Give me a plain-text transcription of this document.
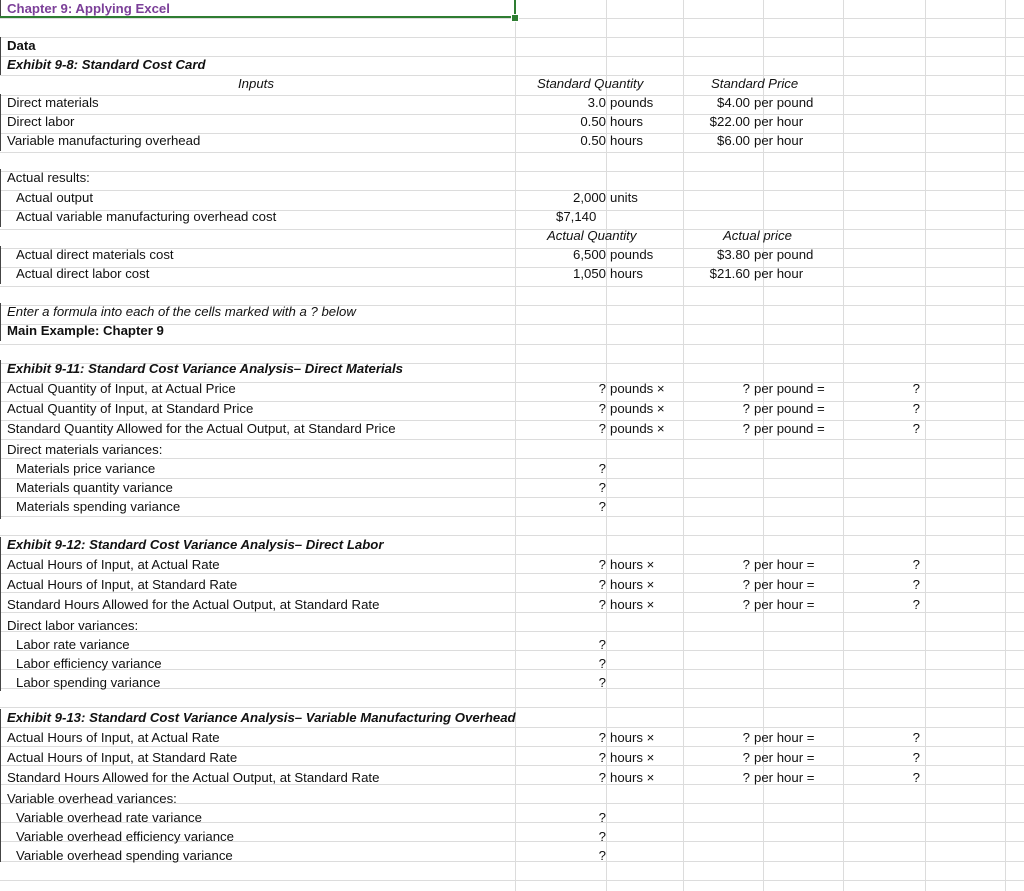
Chapter 9: Applying Excel
Data
Exhibit 9-8: Standard Cost Card
Inputs	Standard Quantity	Standard Price
Direct materials	3.0 pounds	$4.00 per pound
Direct labor	0.50 hours	$22.00 per hour
Variable manufacturing overhead	0.50 hours	$6.00 per hour
Actual results:
Actual output	2,000 units
Actual variable manufacturing overhead cost	$7,140
Actual Quantity	Actual price
Actual direct materials cost	6,500 pounds	$3.80 per pound
Actual direct labor cost	1,050 hours	$21.60 per hour
Enter a formula into each of the cells marked with a ? below
Main Example: Chapter 9
Exhibit 9-11: Standard Cost Variance Analysis– Direct Materials
Actual Quantity of Input, at Actual Price	? pounds ×	? per pound =	?
Actual Quantity of Input, at Standard Price	? pounds ×	? per pound =	?
Standard Quantity Allowed for the Actual Output, at Standard Price	? pounds ×	? per pound =	?
Direct materials variances:
Materials price variance	?
Materials quantity variance	?
Materials spending variance	?
Exhibit 9-12: Standard Cost Variance Analysis– Direct Labor
Actual Hours of Input, at Actual Rate	? hours ×	? per hour =	?
Actual Hours of Input, at Standard Rate	? hours ×	? per hour =	?
Standard Hours Allowed for the Actual Output, at Standard Rate	? hours ×	? per hour =	?
Direct labor variances:
Labor rate variance	?
Labor efficiency variance	?
Labor spending variance	?
Exhibit 9-13: Standard Cost Variance Analysis– Variable Manufacturing Overhead
Actual Hours of Input, at Actual Rate	? hours ×	? per hour =	?
Actual Hours of Input, at Standard Rate	? hours ×	? per hour =	?
Standard Hours Allowed for the Actual Output, at Standard Rate	? hours ×	? per hour =	?
Variable overhead variances:
Variable overhead rate variance	?
Variable overhead efficiency variance	?
Variable overhead spending variance	?
